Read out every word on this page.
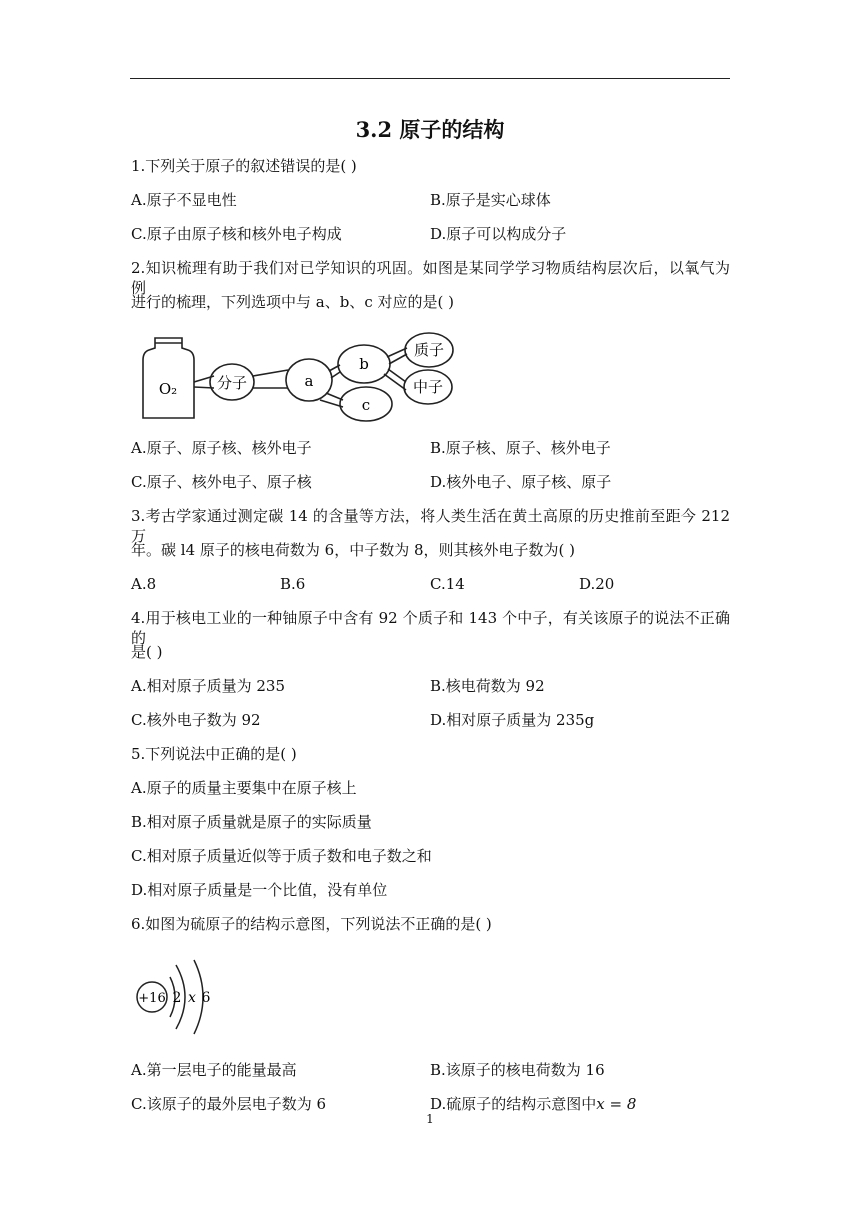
3.2 原子的结构
1.下列关于原子的叙述错误的是( )
A.原子不显电性	B.原子是实心球体
C.原子由原子核和核外电子构成	D.原子可以构成分子
2.知识梳理有助于我们对已学知识的巩固。如图是某同学学习物质结构层次后，以氧气为例
进行的梳理，下列选项中与 a、b、c 对应的是( )
O₂	分子	a
b
c
质子
中子
+16 2 x 6
A.原子、原子核、核外电子	B.原子核、原子、核外电子
C.原子、核外电子、原子核	D.核外电子、原子核、原子
3.考古学家通过测定碳 14 的含量等方法，将人类生活在黄土高原的历史推前至距今 212 万
年。碳 l4 原子的核电荷数为 6，中子数为 8，则其核外电子数为( )
A.8	B.6	C.14	D.20
4.用于核电工业的一种铀原子中含有 92 个质子和 143 个中子，有关该原子的说法不正确的
是( )
A.相对原子质量为 235	B.核电荷数为 92
C.核外电子数为 92	D.相对原子质量为 235g
5.下列说法中正确的是( )
A.原子的质量主要集中在原子核上
B.相对原子质量就是原子的实际质量
C.相对原子质量近似等于质子数和电子数之和
D.相对原子质量是一个比值，没有单位
6.如图为硫原子的结构示意图，下列说法不正确的是( )
A.第一层电子的能量最高	B.该原子的核电荷数为 16
C.该原子的最外层电子数为 6	D.硫原子的结构示意图中x = 8
1
